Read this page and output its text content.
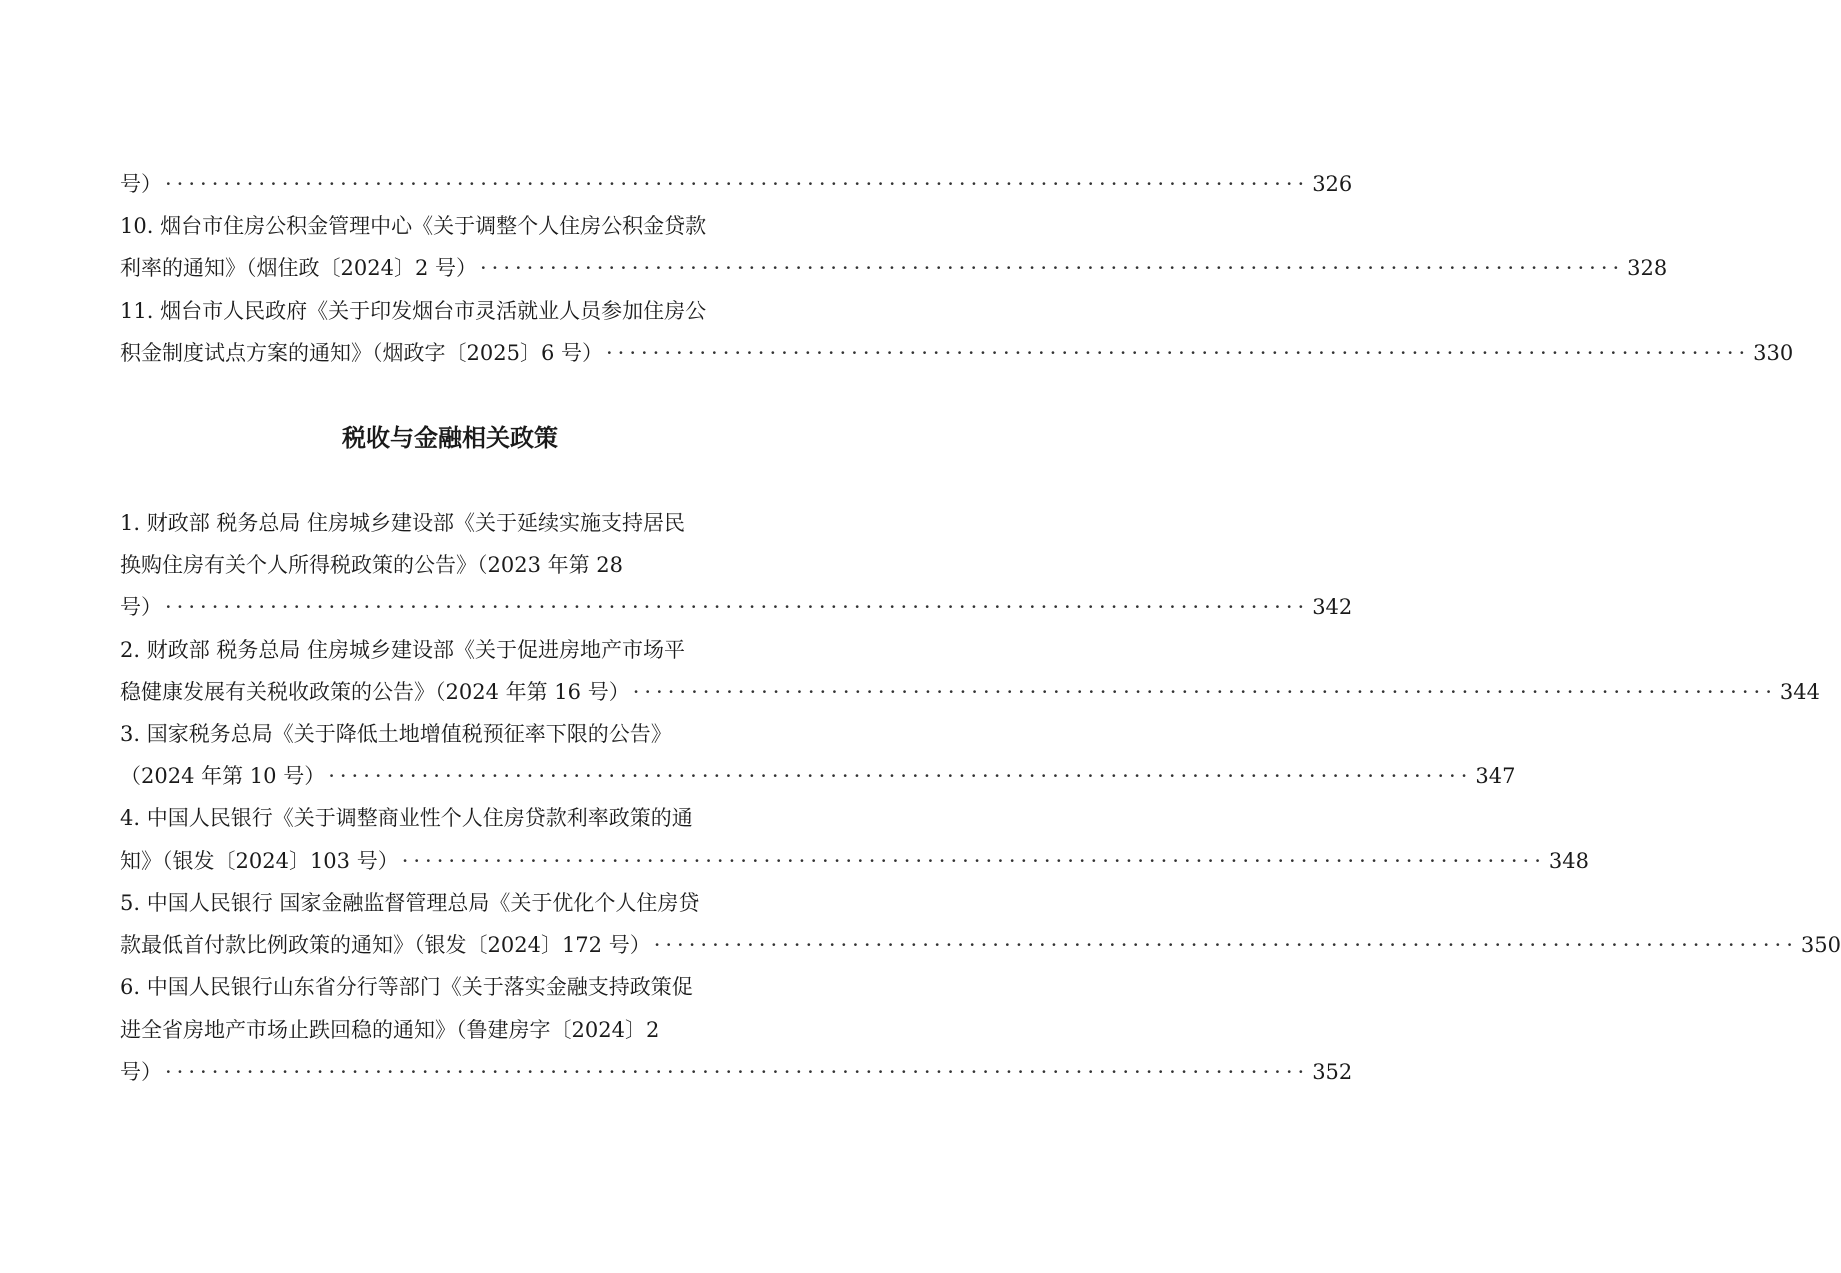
号） ·································································································· 326
10. 烟台市住房公积金管理中心《关于调整个人住房公积金贷款
利率的通知》（烟住政〔2024〕2 号） ·································································································· 328
11. 烟台市人民政府《关于印发烟台市灵活就业人员参加住房公
积金制度试点方案的通知》（烟政字〔2025〕6 号） ·································································································· 330
税收与金融相关政策
1. 财政部 税务总局 住房城乡建设部《关于延续实施支持居民
换购住房有关个人所得税政策的公告》（2023 年第 28
号） ·································································································· 342
2. 财政部 税务总局 住房城乡建设部《关于促进房地产市场平
稳健康发展有关税收政策的公告》（2024 年第 16 号） ·································································································· 344
3. 国家税务总局《关于降低土地增值税预征率下限的公告》
（2024 年第 10 号） ·································································································· 347
4. 中国人民银行《关于调整商业性个人住房贷款利率政策的通
知》（银发〔2024〕103 号） ·································································································· 348
5. 中国人民银行 国家金融监督管理总局《关于优化个人住房贷
款最低首付款比例政策的通知》（银发〔2024〕172 号） ·································································································· 350
6. 中国人民银行山东省分行等部门《关于落实金融支持政策促
进全省房地产市场止跌回稳的通知》（鲁建房字〔2024〕2
号） ·································································································· 352
